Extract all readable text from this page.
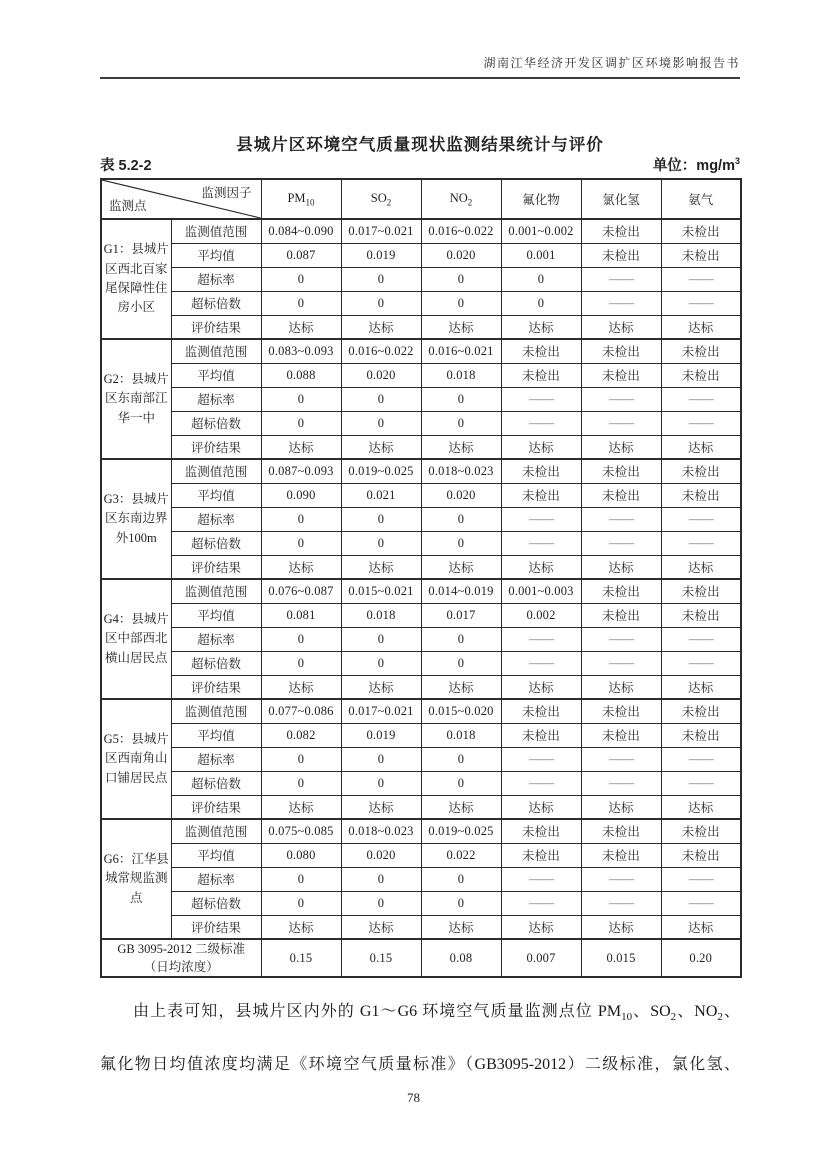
湖南江华经济开发区调扩区环境影响报告书
县城片区环境空气质量现状监测结果统计与评价
表 5.2-2	单位：$mg/m^3$
监测因子
监测点		$PM_{10}$	$SO_2$	$NO_2$	氟化物	氯化氢	氨气
G1：县城片区西北百家尾保障性住房小区	监测值范围	0.084~0.090	0.017~0.021	0.016~0.022	0.001~0.002	未检出	未检出
	平均值	0.087	0.019	0.020	0.001	未检出	未检出
	超标率	0	0	0	0	——	——
	超标倍数	0	0	0	0	——	——
	评价结果	达标	达标	达标	达标	达标	达标
G2：县城片区东南部江华一中	监测值范围	0.083~0.093	0.016~0.022	0.016~0.021	未检出	未检出	未检出
	平均值	0.088	0.020	0.018	未检出	未检出	未检出
	超标率	0	0	0	——	——	——
	超标倍数	0	0	0	——	——	——
	评价结果	达标	达标	达标	达标	达标	达标
G3：县城片区东南边界外100m	监测值范围	0.087~0.093	0.019~0.025	0.018~0.023	未检出	未检出	未检出
	平均值	0.090	0.021	0.020	未检出	未检出	未检出
	超标率	0	0	0	——	——	——
	超标倍数	0	0	0	——	——	——
	评价结果	达标	达标	达标	达标	达标	达标
G4：县城片区中部西北横山居民点	监测值范围	0.076~0.087	0.015~0.021	0.014~0.019	0.001~0.003	未检出	未检出
	平均值	0.081	0.018	0.017	0.002	未检出	未检出
	超标率	0	0	0	——	——	——
	超标倍数	0	0	0	——	——	——
	评价结果	达标	达标	达标	达标	达标	达标
G5：县城片区西南角山口铺居民点	监测值范围	0.077~0.086	0.017~0.021	0.015~0.020	未检出	未检出	未检出
	平均值	0.082	0.019	0.018	未检出	未检出	未检出
	超标率	0	0	0	——	——	——
	超标倍数	0	0	0	——	——	——
	评价结果	达标	达标	达标	达标	达标	达标
G6：江华县城常规监测点	监测值范围	0.075~0.085	0.018~0.023	0.019~0.025	未检出	未检出	未检出
	平均值	0.080	0.020	0.022	未检出	未检出	未检出
	超标率	0	0	0	——	——	——
	超标倍数	0	0	0	——	——	——
	评价结果	达标	达标	达标	达标	达标	达标
GB 3095-2012 二级标准
（日均浓度）		0.15	0.15	0.08	0.007	0.015	0.20
由上表可知，县城片区内外的 G1～G6 环境空气质量监测点位 $PM_{10}$、$SO_2$、$NO_2$、
氟化物日均值浓度均满足《环境空气质量标准》（GB3095-2012）二级标准，氯化氢、
78
